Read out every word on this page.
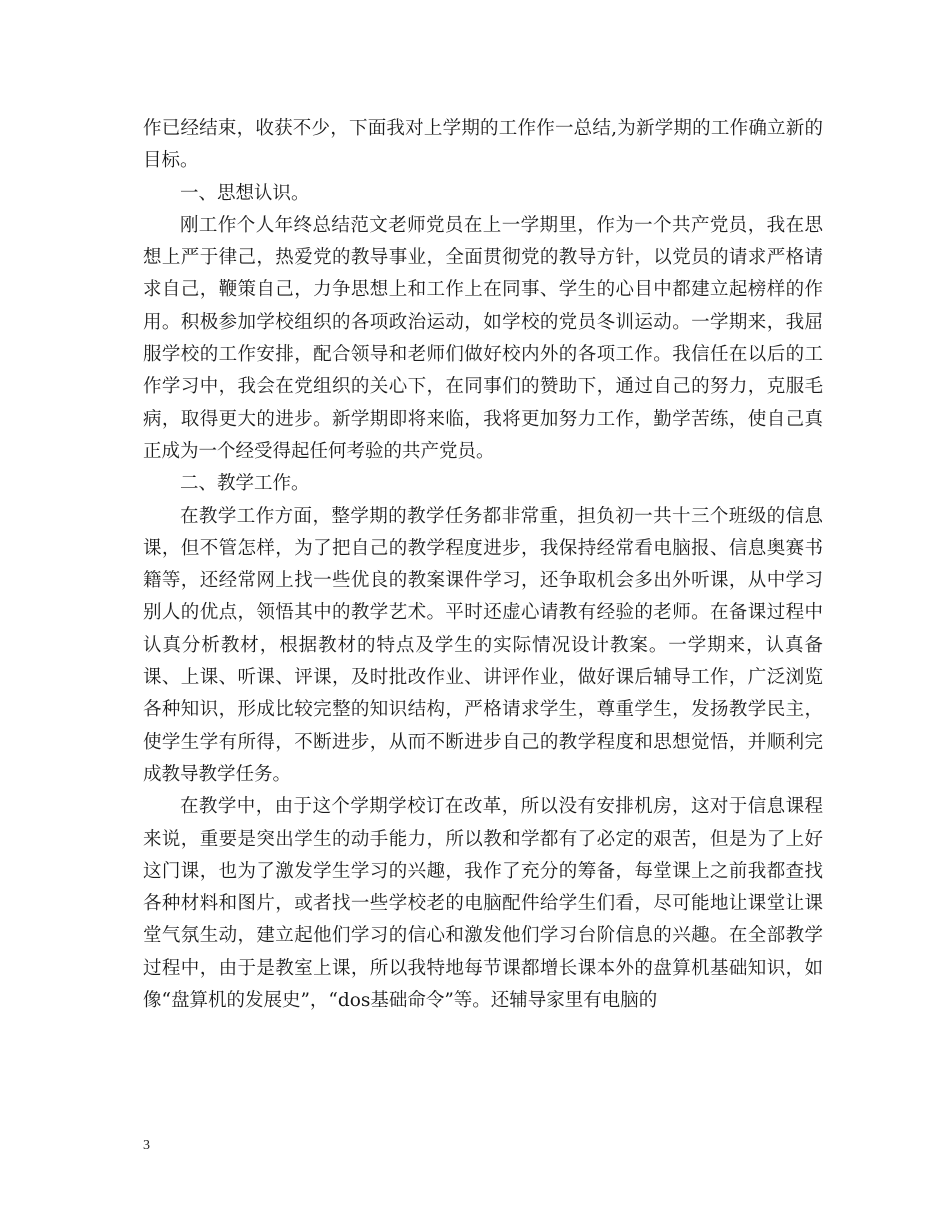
作已经结束，收获不少，下面我对上学期的工作作一总结,为新学期的工作确立新的目标。

一、思想认识。

刚工作个人年终总结范文老师党员在上一学期里，作为一个共产党员，我在思想上严于律己，热爱党的教导事业，全面贯彻党的教导方针，以党员的请求严格请求自己，鞭策自己，力争思想上和工作上在同事、学生的心目中都建立起榜样的作用。积极参加学校组织的各项政治运动，如学校的党员冬训运动。一学期来，我屈服学校的工作安排，配合领导和老师们做好校内外的各项工作。我信任在以后的工作学习中，我会在党组织的关心下，在同事们的赞助下，通过自己的努力，克服毛病，取得更大的进步。新学期即将来临，我将更加努力工作，勤学苦练，使自己真正成为一个经受得起任何考验的共产党员。

二、教学工作。

在教学工作方面，整学期的教学任务都非常重，担负初一共十三个班级的信息课，但不管怎样，为了把自己的教学程度进步，我保持经常看电脑报、信息奥赛书籍等，还经常网上找一些优良的教案课件学习，还争取机会多出外听课，从中学习别人的优点，领悟其中的教学艺术。平时还虚心请教有经验的老师。在备课过程中认真分析教材，根据教材的特点及学生的实际情况设计教案。一学期来，认真备课、上课、听课、评课，及时批改作业、讲评作业，做好课后辅导工作，广泛浏览各种知识，形成比较完整的知识结构，严格请求学生，尊重学生，发扬教学民主，使学生学有所得，不断进步，从而不断进步自己的教学程度和思想觉悟，并顺利完成教导教学任务。

在教学中，由于这个学期学校订在改革，所以没有安排机房，这对于信息课程来说，重要是突出学生的动手能力，所以教和学都有了必定的艰苦，但是为了上好这门课，也为了激发学生学习的兴趣，我作了充分的筹备，每堂课上之前我都查找各种材料和图片，或者找一些学校老的电脑配件给学生们看，尽可能地让课堂让课堂气氛生动，建立起他们学习的信心和激发他们学习台阶信息的兴趣。在全部教学过程中，由于是教室上课，所以我特地每节课都增长课本外的盘算机基础知识，如像“盘算机的发展史”，“dos基础命令”等。还辅导家里有电脑的

3
